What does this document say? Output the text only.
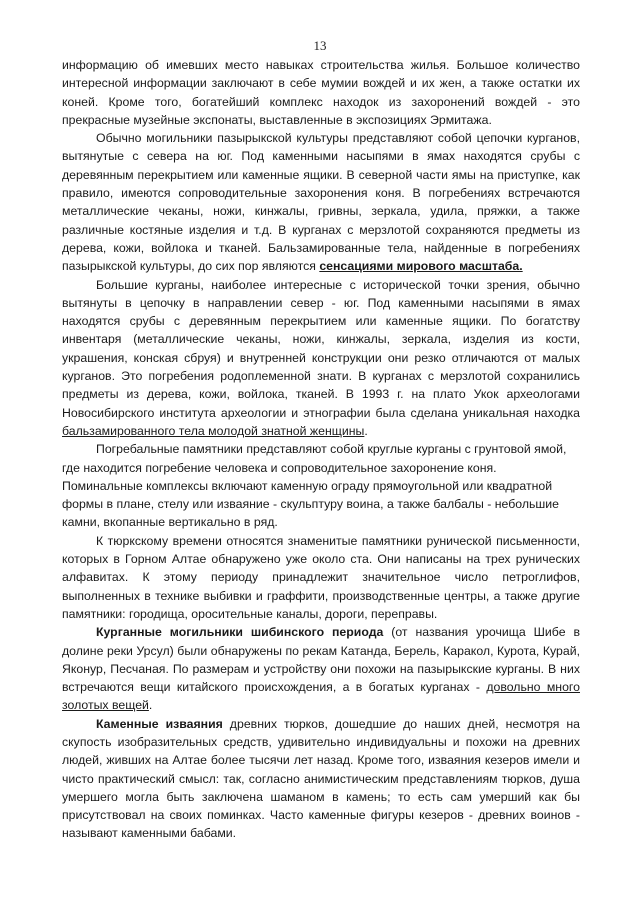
13

информацию об имевших место навыках строительства жилья. Большое количество интересной информации заключают в себе мумии вождей и их жен, а также остатки их коней. Кроме того, богатейший комплекс находок из захоронений вождей - это прекрасные музейные экспонаты, выставленные в экспозициях Эрмитажа.

Обычно могильники пазырыкской культуры представляют собой цепочки курганов, вытянутые с севера на юг. Под каменными насыпями в ямах находятся срубы с деревянным перекрытием или каменные ящики. В северной части ямы на приступке, как правило, имеются сопроводительные захоронения коня. В погребениях встречаются металлические чеканы, ножи, кинжалы, гривны, зеркала, удила, пряжки, а также различные костяные изделия и т.д. В курганах с мерзлотой сохраняются предметы из дерева, кожи, войлока и тканей. Бальзамированные тела, найденные в погребениях пазырыкской культуры, до сих пор являются сенсациями мирового масштаба.

Большие курганы, наиболее интересные с исторической точки зрения, обычно вытянуты в цепочку в направлении север - юг. Под каменными насыпями в ямах находятся срубы с деревянным перекрытием или каменные ящики. По богатству инвентаря (металлические чеканы, ножи, кинжалы, зеркала, изделия из кости, украшения, конская сбруя) и внутренней конструкции они резко отличаются от малых курганов. Это погребения родоплеменной знати. В курганах с мерзлотой сохранились предметы из дерева, кожи, войлока, тканей. В 1993 г. на плато Укок археологами Новосибирского института археологии и этнографии была сделана уникальная находка бальзамированного тела молодой знатной женщины.

Погребальные памятники представляют собой круглые курганы с грунтовой ямой, где находится погребение человека и сопроводительное захоронение коня. Поминальные комплексы включают каменную ограду прямоугольной или квадратной формы в плане, стелу или изваяние - скульптуру воина, а также балбалы - небольшие камни, вкопанные вертикально в ряд.

К тюркскому времени относятся знаменитые памятники рунической письменности, которых в Горном Алтае обнаружено уже около ста. Они написаны на трех рунических алфавитах. К этому периоду принадлежит значительное число петроглифов, выполненных в технике выбивки и граффити, производственные центры, а также другие памятники: городища, оросительные каналы, дороги, переправы.

Курганные могильники шибинского периода (от названия урочища Шибе в долине реки Урсул) были обнаружены по рекам Катанда, Берель, Каракол, Курота, Курай, Яконур, Песчаная. По размерам и устройству они похожи на пазырыкские курганы. В них встречаются вещи китайского происхождения, а в богатых курганах - довольно много золотых вещей.

Каменные изваяния древних тюрков, дошедшие до наших дней, несмотря на скупость изобразительных средств, удивительно индивидуальны и похожи на древних людей, живших на Алтае более тысячи лет назад. Кроме того, изваяния кезеров имели и чисто практический смысл: так, согласно анимистическим представлениям тюрков, душа умершего могла быть заключена шаманом в камень; то есть сам умерший как бы присутствовал на своих поминках. Часто каменные фигуры кезеров - древних воинов - называют каменными бабами.
